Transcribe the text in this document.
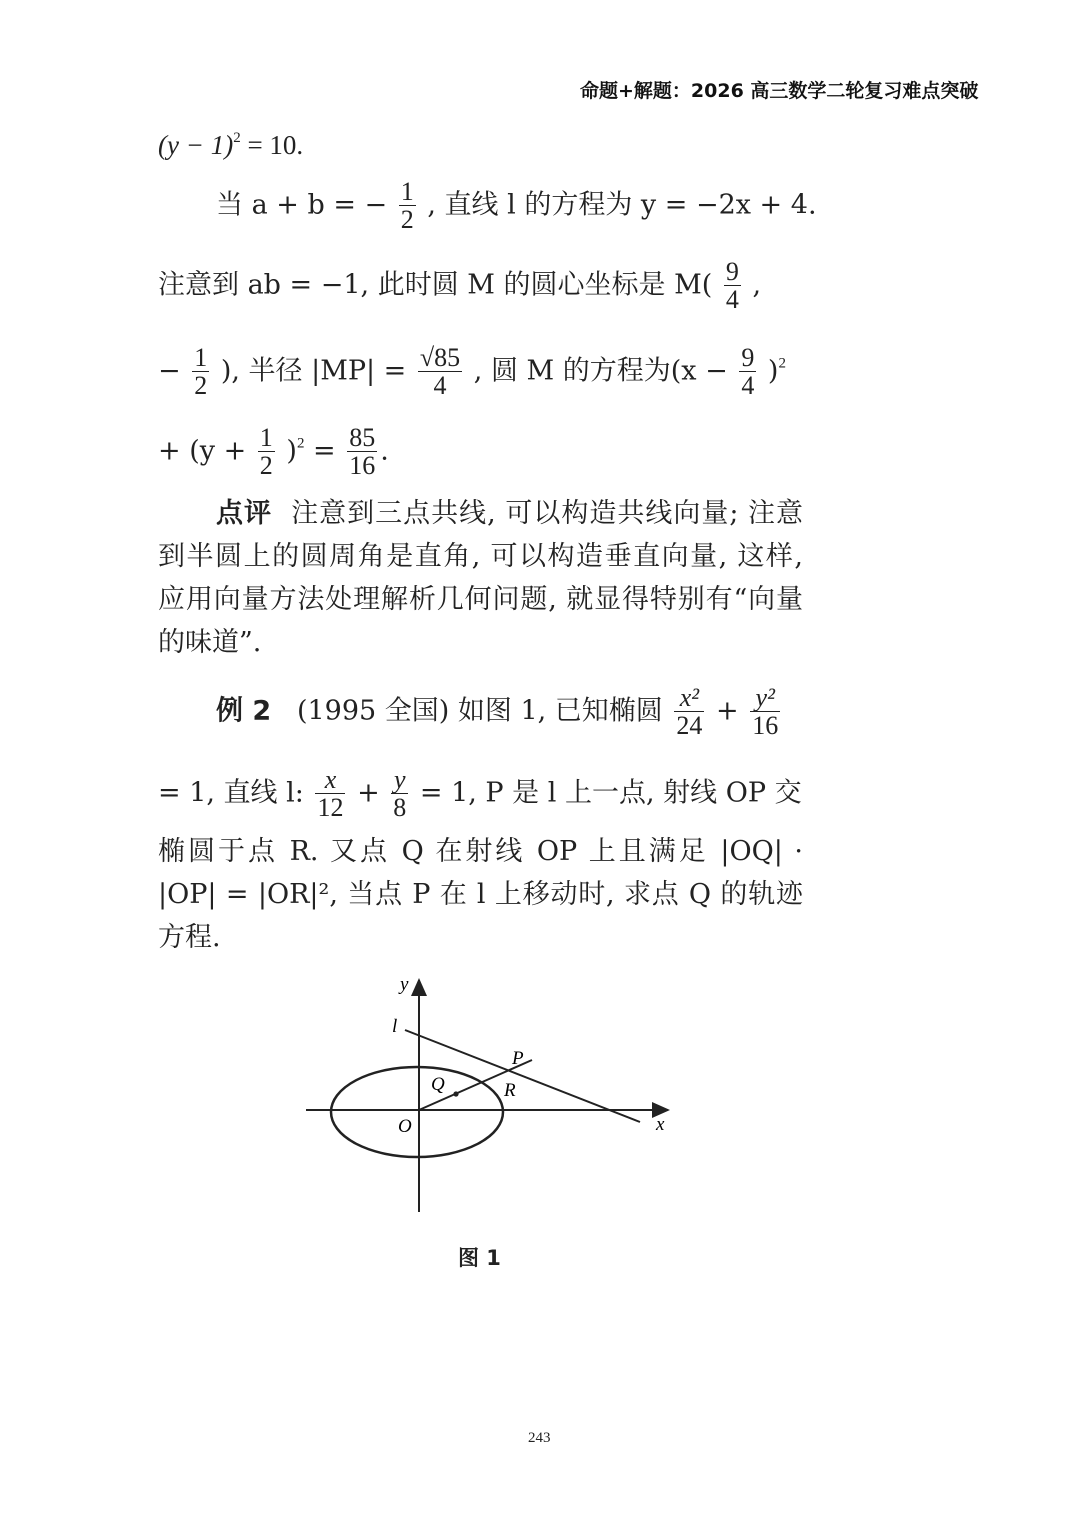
命题+解题：2026 高三数学二轮复习难点突破
$(y - 1)^2 = 10$.
当 a + b = − $\frac{1}{2}$ , 直线 l 的方程为 y = −2x + 4.
注意到 ab = −1, 此时圆 M 的圆心坐标是 $M( \frac{9}{4}$ ,
− $\frac{1}{2}$ ), 半径 $|MP| = \frac{√85}{4}$ , 圆 M 的方程为$(x - \frac{9}{4} )^2$
+ $(y + \frac{1}{2} )^2 = \frac{85}{16}$ .
点评 注意到三点共线, 可以构造共线向量; 注意到半圆上的圆周角是直角, 可以构造垂直向量, 这样, 应用向量方法处理解析几何问题, 就显得特别有“向量的味道”.
例 2 (1995 全国) 如图 1, 已知椭圆 $\frac{\text{x²}}{24} + \frac{\text{y²}}{16}$
= 1, 直线 l: $\frac{x}{12} + \frac{y}{8} = 1$, P 是 l 上一点, 射线 OP 交
椭圆于点 R. 又点 Q 在射线 OP 上且满足 |OQ| · |OP| = |OR|², 当点 P 在 l 上移动时, 求点 Q 的轨迹方程.
y
x
l
P
R
Q
O
图 1
243
